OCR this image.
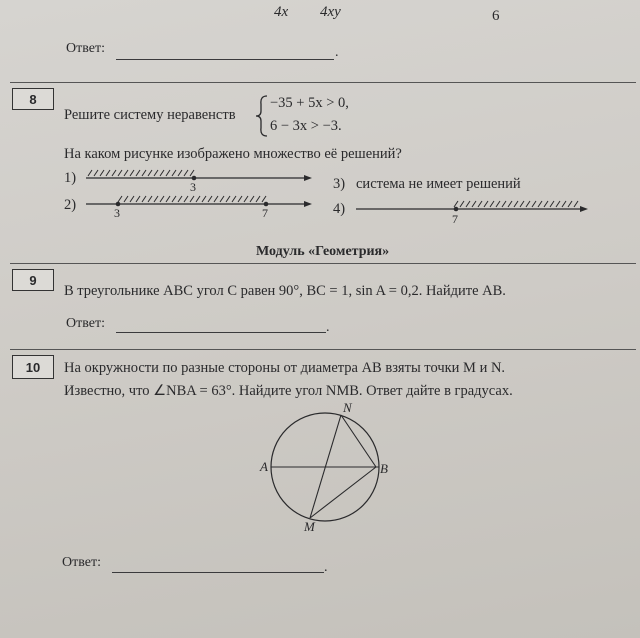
4x 4xy	6
Ответ:	.
8
Решите систему неравенств
−35 + 5x > 0,
6 − 3x > −3.
На каком рисунке изображено множество её решений?
1)
3	3) система не имеет решений
2)	3	7	4)
7
Модуль «Геометрия»
9
В треугольнике ABC угол C равен 90°, BC = 1, sin A = 0,2. Найдите AB.
Ответ:	.
10 На окружности по разные стороны от диаметра AB взяты точки M и N.
Известно, что ∠NBA = 63°. Найдите угол NMB. Ответ дайте в градусах.
N
A	B
M
Ответ:	.
